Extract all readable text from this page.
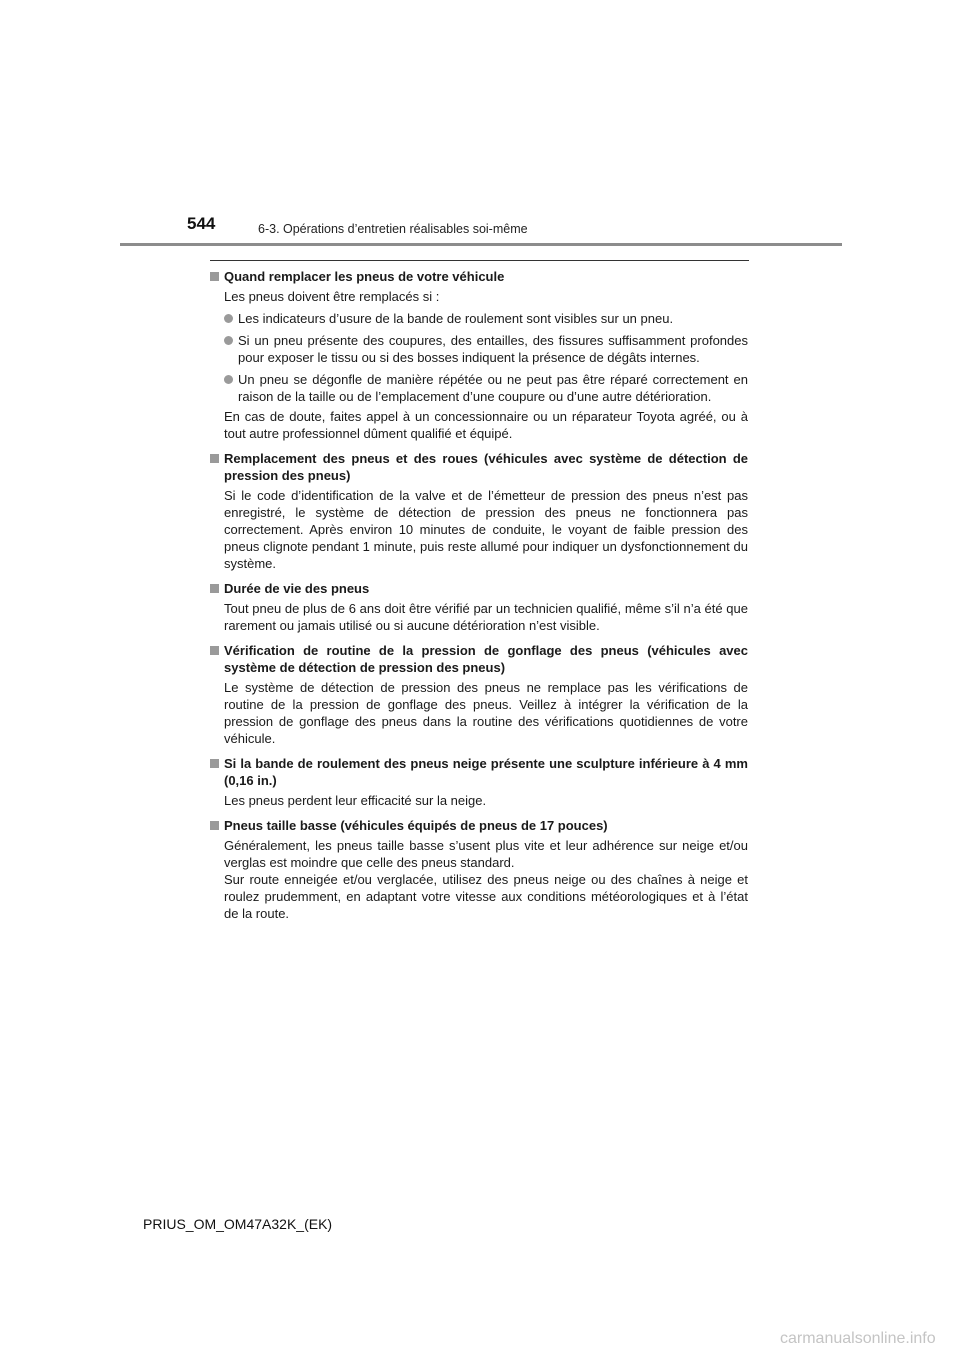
544	6-3. Opérations d’entretien réalisables soi-même
Quand remplacer les pneus de votre véhicule
Les pneus doivent être remplacés si :
Les indicateurs d’usure de la bande de roulement sont visibles sur un pneu.
Si un pneu présente des coupures, des entailles, des fissures suffisamment profondes pour exposer le tissu ou si des bosses indiquent la présence de dégâts internes.
Un pneu se dégonfle de manière répétée ou ne peut pas être réparé correctement en raison de la taille ou de l’emplacement d’une coupure ou d’une autre détérioration.
En cas de doute, faites appel à un concessionnaire ou un réparateur Toyota agréé, ou à tout autre professionnel dûment qualifié et équipé.
Remplacement des pneus et des roues (véhicules avec système de détection de pression des pneus)
Si le code d’identification de la valve et de l’émetteur de pression des pneus n’est pas enregistré, le système de détection de pression des pneus ne fonctionnera pas correctement. Après environ 10 minutes de conduite, le voyant de faible pression des pneus clignote pendant 1 minute, puis reste allumé pour indiquer un dysfonctionnement du système.
Durée de vie des pneus
Tout pneu de plus de 6 ans doit être vérifié par un technicien qualifié, même s’il n’a été que rarement ou jamais utilisé ou si aucune détérioration n’est visible.
Vérification de routine de la pression de gonflage des pneus (véhicules avec système de détection de pression des pneus)
Le système de détection de pression des pneus ne remplace pas les vérifications de routine de la pression de gonflage des pneus. Veillez à intégrer la vérification de la pression de gonflage des pneus dans la routine des vérifications quotidiennes de votre véhicule.
Si la bande de roulement des pneus neige présente une sculpture inférieure à 4 mm (0,16 in.)
Les pneus perdent leur efficacité sur la neige.
Pneus taille basse (véhicules équipés de pneus de 17 pouces)
Généralement, les pneus taille basse s’usent plus vite et leur adhérence sur neige et/ou verglas est moindre que celle des pneus standard.
Sur route enneigée et/ou verglacée, utilisez des pneus neige ou des chaînes à neige et roulez prudemment, en adaptant votre vitesse aux conditions météorologiques et à l’état de la route.
PRIUS_OM_OM47A32K_(EK)
carmanualsonline.info
